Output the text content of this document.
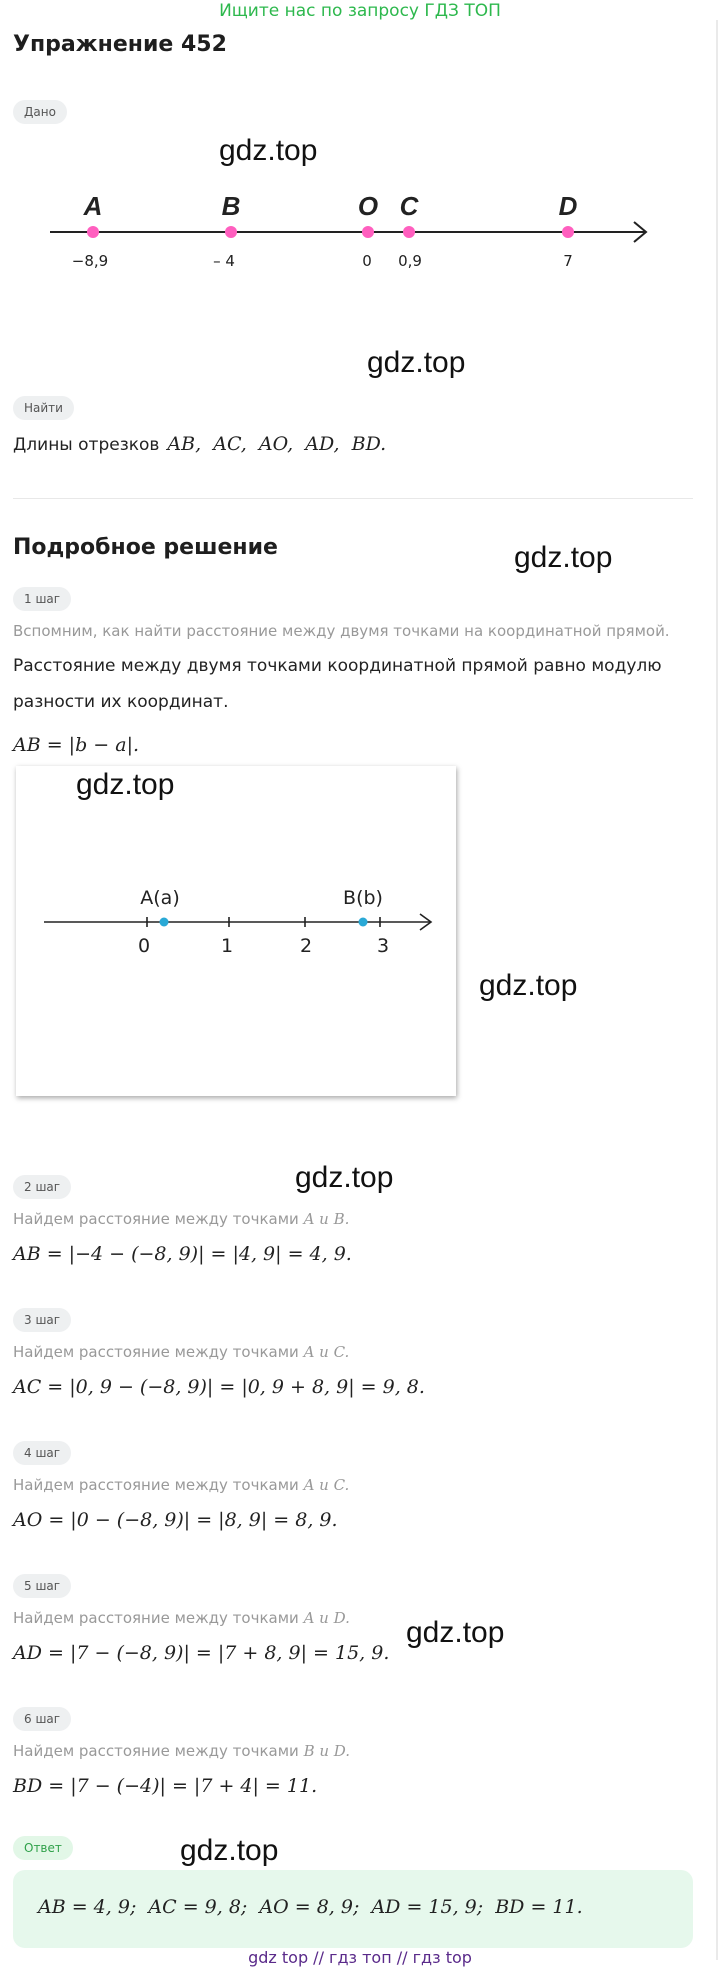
Ищите нас по запросу ГДЗ ТОП
Упражнение 452
Дано
gdz.top
A
−8,9
B
– 4
O
0
C
0,9
D
7
gdz.top
Найти
Длины отрезков AB,  AC,  AO,  AD,  BD.
Подробное решение	gdz.top
1 шаг
Вспомним, как найти расстояние между двумя точками на координатной прямой.
Расстояние между двумя точками координатной прямой равно модулю
разности их координат.
AB = |b − a|.
gdz.top
A(a)	B(b)
0	1	2	3
gdz.top
gdz.top
2 шаг
Найдем расстояние между точками A и B.
AB = |−4 − (−8, 9)| = |4, 9| = 4, 9.
3 шаг
Найдем расстояние между точками A и C.
AC = |0, 9 − (−8, 9)| = |0, 9 + 8, 9| = 9, 8.
4 шаг
Найдем расстояние между точками A и C.
AO = |0 − (−8, 9)| = |8, 9| = 8, 9.
5 шаг
Найдем расстояние между точками A и D. gdz.top
AD = |7 − (−8, 9)| = |7 + 8, 9| = 15, 9.
6 шаг
Найдем расстояние между точками B и D.
BD = |7 − (−4)| = |7 + 4| = 11.
Ответ	gdz.top
AB = 4, 9;  AC = 9, 8;  AO = 8, 9;  AD = 15, 9;  BD = 11.
gdz top // гдз топ // гдз top
